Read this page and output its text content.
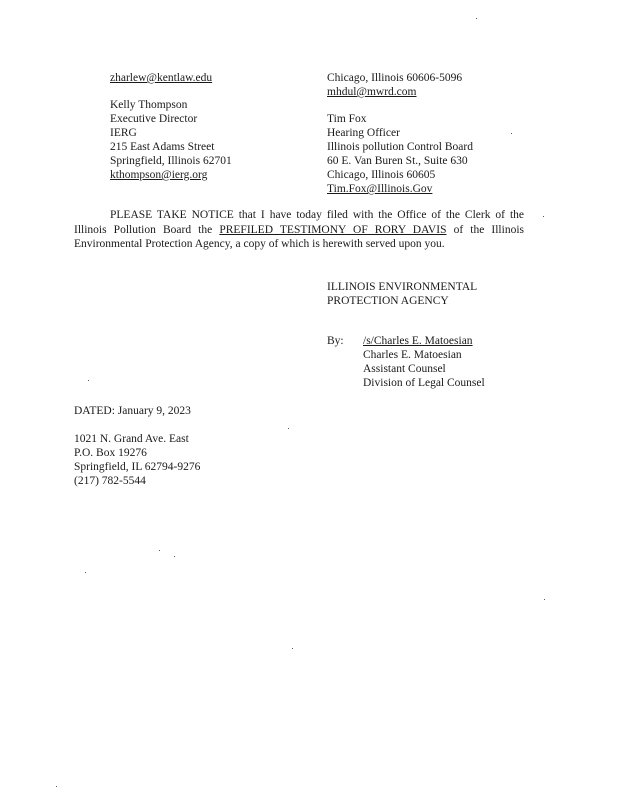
zharlew@kentlaw.edu
Kelly Thompson
Executive Director
IERG
215 East Adams Street
Springfield, Illinois 62701
kthompson@ierg.org
Chicago, Illinois 60606-5096
mhdul@mwrd.com
Tim Fox
Hearing Officer
Illinois pollution Control Board
60 E. Van Buren St., Suite 630
Chicago, Illinois 60605
Tim.Fox@Illinois.Gov
PLEASE TAKE NOTICE that I have today filed with the Office of the Clerk of the Illinois Pollution Board the PREFILED TESTIMONY OF RORY DAVIS of the Illinois Environmental Protection Agency, a copy of which is herewith served upon you.
ILLINOIS ENVIRONMENTAL
PROTECTION AGENCY
By: /s/Charles E. Matoesian
Charles E. Matoesian
Assistant Counsel
Division of Legal Counsel
DATED: January 9, 2023
1021 N. Grand Ave. East
P.O. Box 19276
Springfield, IL 62794-9276
(217) 782-5544
